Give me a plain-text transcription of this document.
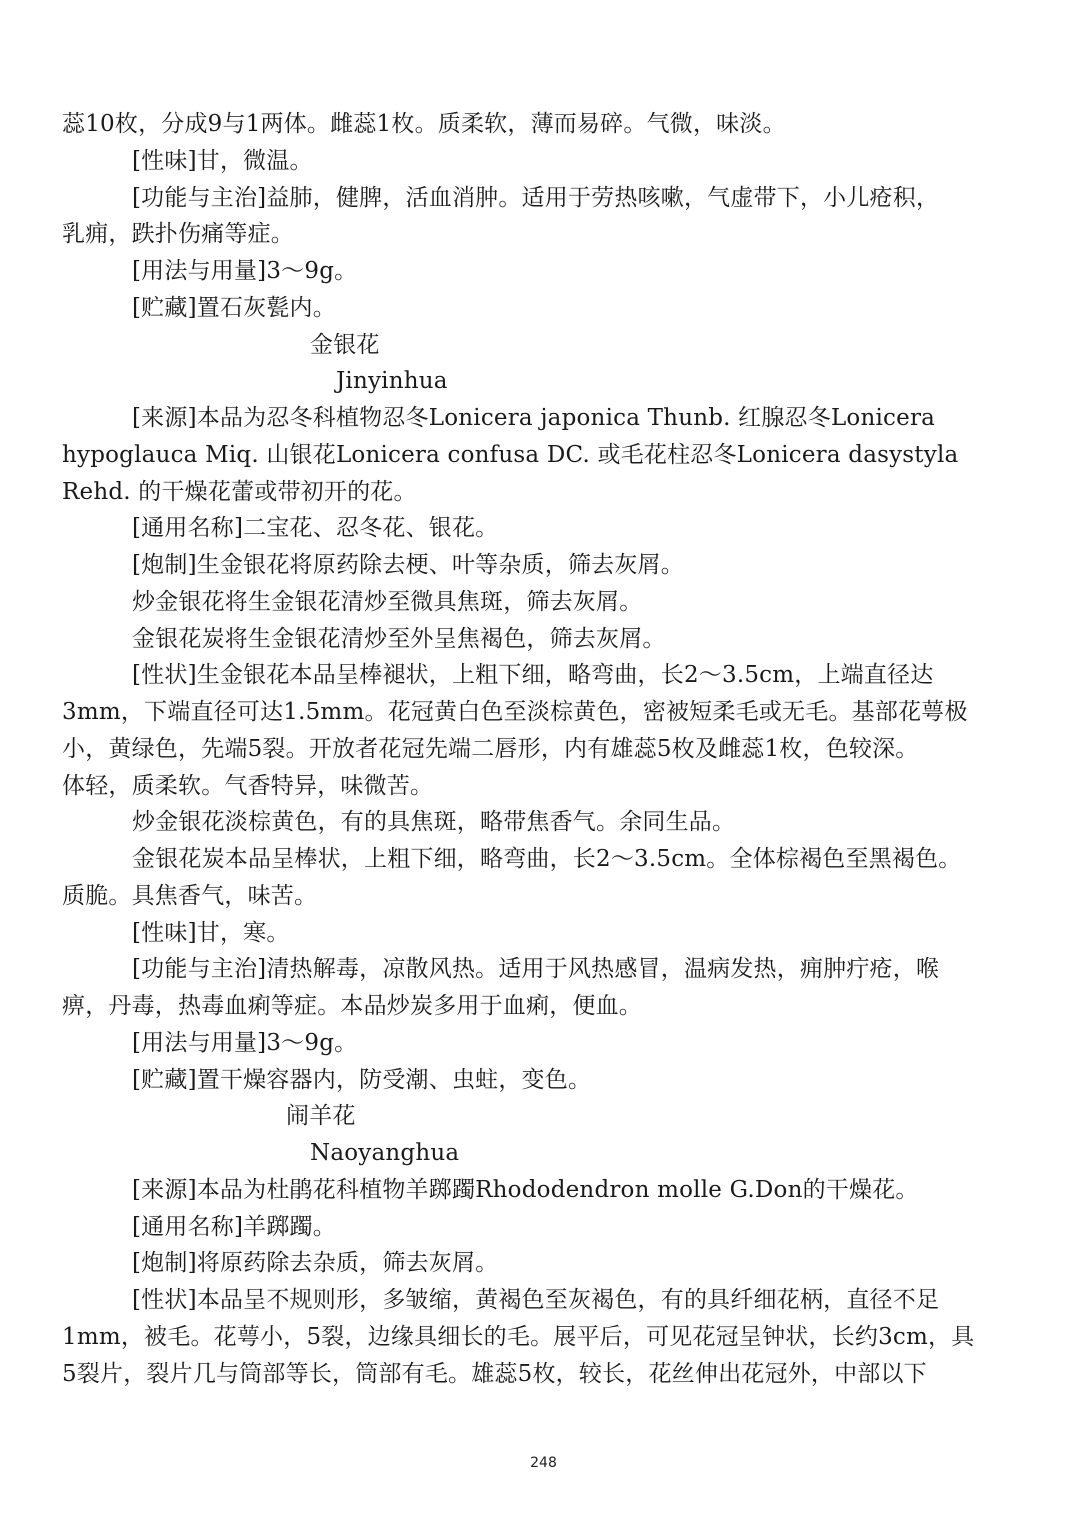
蕊10枚，分成9与1两体。雌蕊1枚。质柔软，薄而易碎。气微，味淡。
[性味]甘，微温。
[功能与主治]益肺，健脾，活血消肿。适用于劳热咳嗽，气虚带下，小儿疮积，
乳痈，跌扑伤痛等症。
[用法与用量]3～9g。
[贮藏]置石灰甏内。
金银花
Jinyinhua
[来源]本品为忍冬科植物忍冬Lonicera japonica Thunb. 红腺忍冬Lonicera
hypoglauca Miq. 山银花Lonicera confusa DC. 或毛花柱忍冬Lonicera dasystyla
Rehd. 的干燥花蕾或带初开的花。
[通用名称]二宝花、忍冬花、银花。
[炮制]生金银花将原药除去梗、叶等杂质，筛去灰屑。
炒金银花将生金银花清炒至微具焦斑，筛去灰屑。
金银花炭将生金银花清炒至外呈焦褐色，筛去灰屑。
[性状]生金银花本品呈棒褪状，上粗下细，略弯曲，长2～3.5cm，上端直径达
3mm，下端直径可达1.5mm。花冠黄白色至淡棕黄色，密被短柔毛或无毛。基部花萼极
小，黄绿色，先端5裂。开放者花冠先端二唇形，内有雄蕊5枚及雌蕊1枚，色较深。
体轻，质柔软。气香特异，味微苦。
炒金银花淡棕黄色，有的具焦斑，略带焦香气。余同生品。
金银花炭本品呈棒状，上粗下细，略弯曲，长2～3.5cm。全体棕褐色至黑褐色。
质脆。具焦香气，味苦。
[性味]甘，寒。
[功能与主治]清热解毒，凉散风热。适用于风热感冒，温病发热，痈肿疔疮，喉
痹，丹毒，热毒血痢等症。本品炒炭多用于血痢，便血。
[用法与用量]3～9g。
[贮藏]置干燥容器内，防受潮、虫蛀，变色。
闹羊花
Naoyanghua
[来源]本品为杜鹃花科植物羊踯躅Rhododendron molle G.Don的干燥花。
[通用名称]羊踯躅。
[炮制]将原药除去杂质，筛去灰屑。
[性状]本品呈不规则形，多皱缩，黄褐色至灰褐色，有的具纤细花柄，直径不足
1mm，被毛。花萼小，5裂，边缘具细长的毛。展平后，可见花冠呈钟状，长约3cm，具
5裂片，裂片几与筒部等长，筒部有毛。雄蕊5枚，较长，花丝伸出花冠外，中部以下
248
